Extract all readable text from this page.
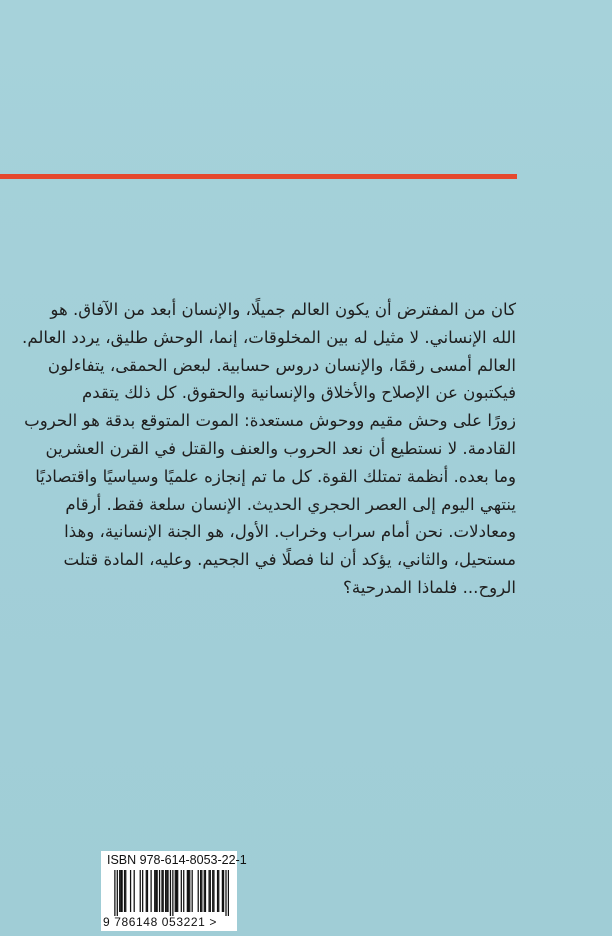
كان من المفترض أن يكون العالم جميلًا، والإنسان أبعد من الآفاق. هو
الله الإنساني. لا مثيل له بين المخلوقات، إنما، الوحش طليق، يردد العالم.
العالم أمسى رقمًا، والإنسان دروس حسابية. لبعض الحمقى، يتفاءلون
فيكتبون عن الإصلاح والأخلاق والإنسانية والحقوق. كل ذلك يتقدم
زورًا على وحش مقيم ووحوش مستعدة: الموت المتوقع بدقة هو الحروب
القادمة. لا نستطيع أن نعد الحروب والعنف والقتل في القرن العشرين
وما بعده. أنظمة تمتلك القوة. كل ما تم إنجازه علميًا وسياسيًا واقتصاديًا
ينتهي اليوم إلى العصر الحجري الحديث. الإنسان سلعة فقط. أرقام
ومعادلات. نحن أمام سراب وخراب. الأول، هو الجنة الإنسانية، وهذا
مستحيل، والثاني، يؤكد أن لنا فصلًا في الجحيم. وعليه، المادة قتلت
الروح... فلماذا المدرحية؟
ISBN 978-614-8053-22-1
9 786148 053221 >
